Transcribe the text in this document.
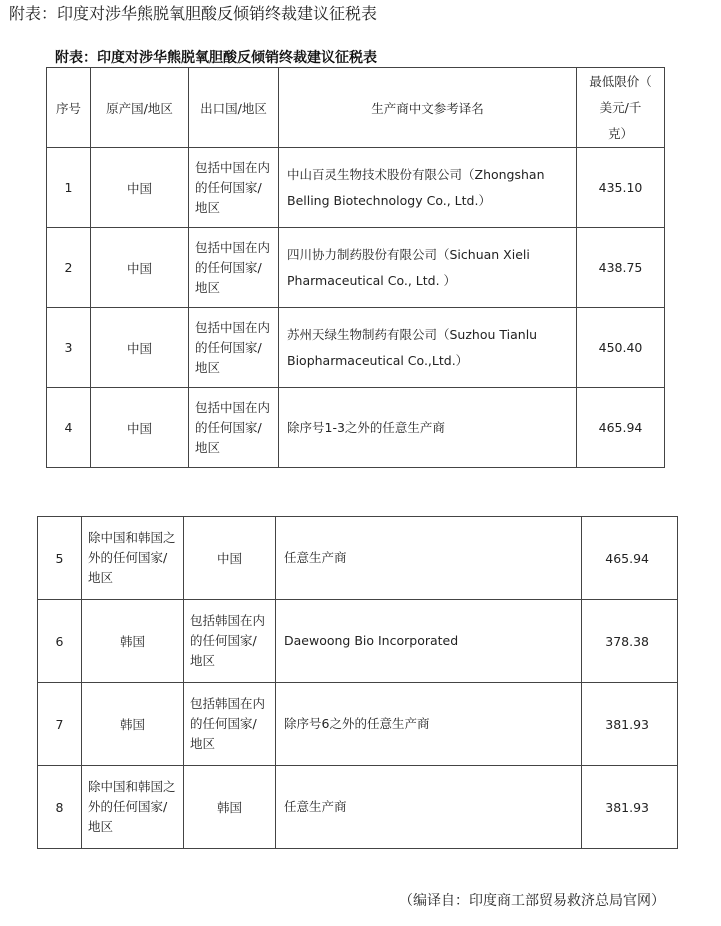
附表：印度对涉华熊脱氧胆酸反倾销终裁建议征税表
附表：印度对涉华熊脱氧胆酸反倾销终裁建议征税表
序号	原产国/地区	出口国/地区	生产商中文参考译名	最低限价（
美元/千
克）

1	中国	包括中国在内的任何国家/地区	中山百灵生物技术股份有限公司（Zhongshan
Belling Biotechnology Co., Ltd.）	435.10
2	中国	包括中国在内的任何国家/地区	四川协力制药股份有限公司（Sichuan Xieli
Pharmaceutical Co., Ltd. ）	438.75
3	中国	包括中国在内的任何国家/地区	苏州天绿生物制药有限公司（Suzhou Tianlu
Biopharmaceutical Co.,Ltd.）	450.40
4	中国	包括中国在内的任何国家/地区	除序号1-3之外的任意生产商	465.94
5	除中国和韩国之外的任何国家/地区	中国	任意生产商	465.94
6	韩国	包括韩国在内的任何国家/地区	Daewoong Bio Incorporated	378.38
7	韩国	包括韩国在内的任何国家/地区	除序号6之外的任意生产商	381.93
8	除中国和韩国之外的任何国家/地区	韩国	任意生产商	381.93
（编译自：印度商工部贸易救济总局官网）
